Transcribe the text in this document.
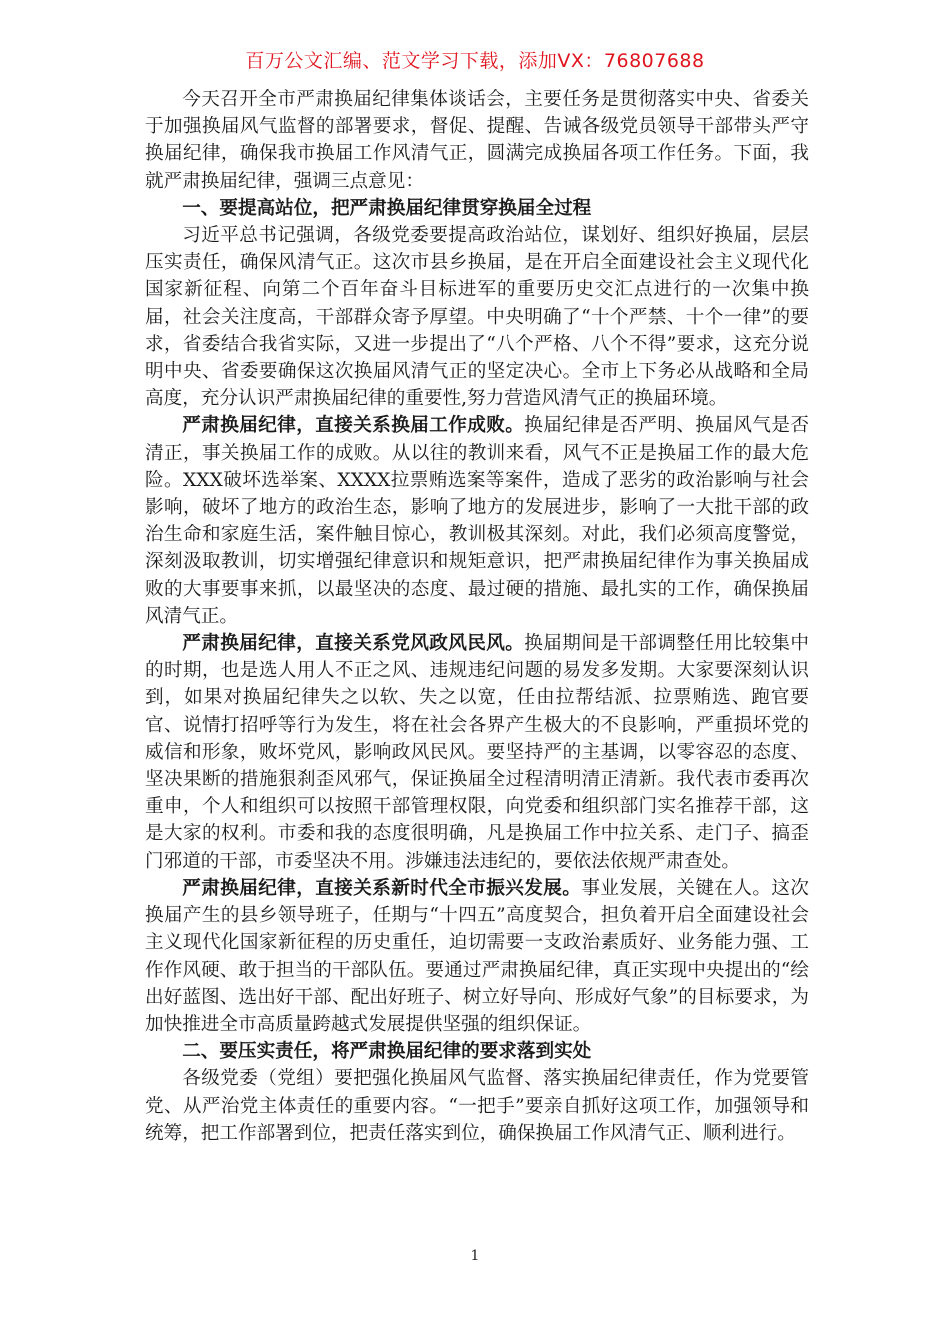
百万公文汇编、范文学习下载，添加VX：76807688

今天召开全市严肃换届纪律集体谈话会，主要任务是贯彻落实中央、省委关于加强换届风气监督的部署要求，督促、提醒、告诫各级党员领导干部带头严守换届纪律，确保我市换届工作风清气正，圆满完成换届各项工作任务。下面，我就严肃换届纪律，强调三点意见：

一、要提高站位，把严肃换届纪律贯穿换届全过程

习近平总书记强调，各级党委要提高政治站位，谋划好、组织好换届，层层压实责任，确保风清气正。这次市县乡换届，是在开启全面建设社会主义现代化国家新征程、向第二个百年奋斗目标进军的重要历史交汇点进行的一次集中换届，社会关注度高，干部群众寄予厚望。中央明确了“十个严禁、十个一律”的要求，省委结合我省实际，又进一步提出了“八个严格、八个不得”要求，这充分说明中央、省委要确保这次换届风清气正的坚定决心。全市上下务必从战略和全局高度，充分认识严肃换届纪律的重要性,努力营造风清气正的换届环境。

严肃换届纪律，直接关系换届工作成败。换届纪律是否严明、换届风气是否清正，事关换届工作的成败。从以往的教训来看，风气不正是换届工作的最大危险。XXX破坏选举案、XXXX拉票贿选案等案件，造成了恶劣的政治影响与社会影响，破坏了地方的政治生态，影响了地方的发展进步，影响了一大批干部的政治生命和家庭生活，案件触目惊心，教训极其深刻。对此，我们必须高度警觉，深刻汲取教训，切实增强纪律意识和规矩意识，把严肃换届纪律作为事关换届成败的大事要事来抓，以最坚决的态度、最过硬的措施、最扎实的工作，确保换届风清气正。

严肃换届纪律，直接关系党风政风民风。换届期间是干部调整任用比较集中的时期，也是选人用人不正之风、违规违纪问题的易发多发期。大家要深刻认识到，如果对换届纪律失之以软、失之以宽，任由拉帮结派、拉票贿选、跑官要官、说情打招呼等行为发生，将在社会各界产生极大的不良影响，严重损坏党的威信和形象，败坏党风，影响政风民风。要坚持严的主基调，以零容忍的态度、坚决果断的措施狠刹歪风邪气，保证换届全过程清明清正清新。我代表市委再次重申，个人和组织可以按照干部管理权限，向党委和组织部门实名推荐干部，这是大家的权利。市委和我的态度很明确，凡是换届工作中拉关系、走门子、搞歪门邪道的干部，市委坚决不用。涉嫌违法违纪的，要依法依规严肃查处。

严肃换届纪律，直接关系新时代全市振兴发展。事业发展，关键在人。这次换届产生的县乡领导班子，任期与“十四五”高度契合，担负着开启全面建设社会主义现代化国家新征程的历史重任，迫切需要一支政治素质好、业务能力强、工作作风硬、敢于担当的干部队伍。要通过严肃换届纪律，真正实现中央提出的“绘出好蓝图、选出好干部、配出好班子、树立好导向、形成好气象”的目标要求，为加快推进全市高质量跨越式发展提供坚强的组织保证。

二、要压实责任，将严肃换届纪律的要求落到实处

各级党委（党组）要把强化换届风气监督、落实换届纪律责任，作为党要管党、从严治党主体责任的重要内容。“一把手”要亲自抓好这项工作，加强领导和统筹，把工作部署到位，把责任落实到位，确保换届工作风清气正、顺利进行。

1
